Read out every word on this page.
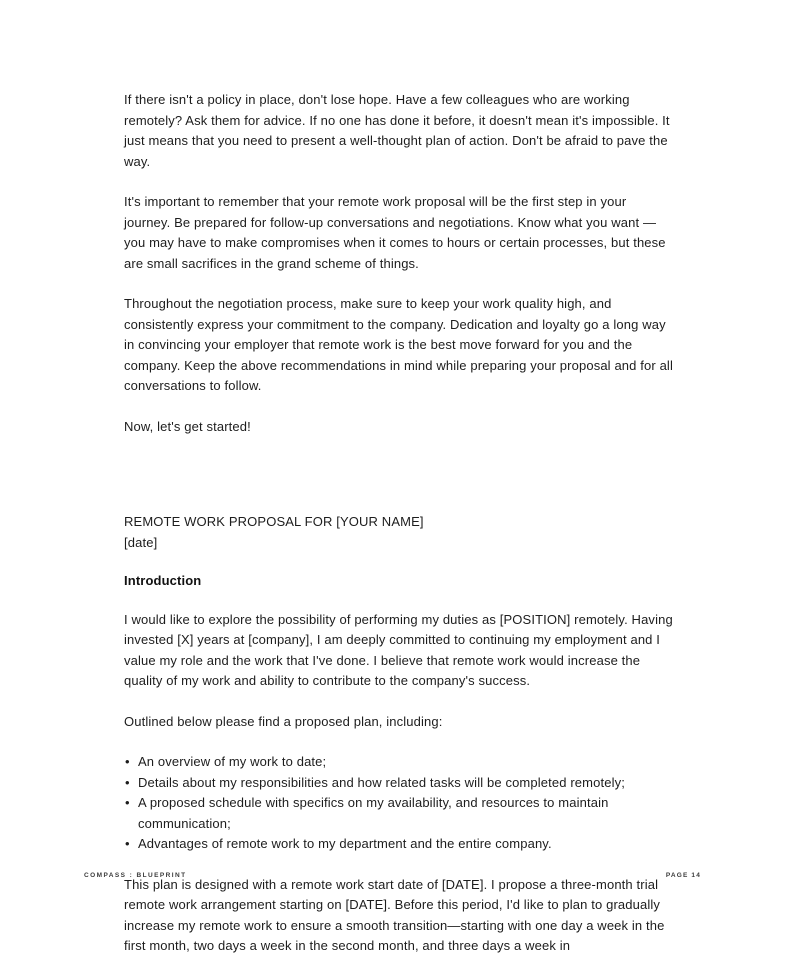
If there isn't a policy in place, don't lose hope. Have a few colleagues who are working remotely? Ask them for advice. If no one has done it before, it doesn't mean it's impossible. It just means that you need to present a well-thought plan of action. Don't be afraid to pave the way.

It's important to remember that your remote work proposal will be the first step in your journey. Be prepared for follow-up conversations and negotiations. Know what you want — you may have to make compromises when it comes to hours or certain processes, but these are small sacrifices in the grand scheme of things.

Throughout the negotiation process, make sure to keep your work quality high, and consistently express your commitment to the company. Dedication and loyalty go a long way in convincing your employer that remote work is the best move forward for you and the company. Keep the above recommendations in mind while preparing your proposal and for all conversations to follow.

Now, let's get started!

REMOTE WORK PROPOSAL FOR [YOUR NAME]

[date]

Introduction

I would like to explore the possibility of performing my duties as [POSITION] remotely. Having invested [X] years at [company], I am deeply committed to continuing my employment and I value my role and the work that I've done. I believe that remote work would increase the quality of my work and ability to contribute to the company's success.

Outlined below please find a proposed plan, including:

• An overview of my work to date;
• Details about my responsibilities and how related tasks will be completed remotely;
• A proposed schedule with specifics on my availability, and resources to maintain communication;
• Advantages of remote work to my department and the entire company.

This plan is designed with a remote work start date of [DATE]. I propose a three-month trial remote work arrangement starting on [DATE]. Before this period, I'd like to plan to gradually increase my remote work to ensure a smooth transition—starting with one day a week in the first month, two days a week in the second month, and three days a week in

COMPASS : BLUEPRINT	PAGE 14
